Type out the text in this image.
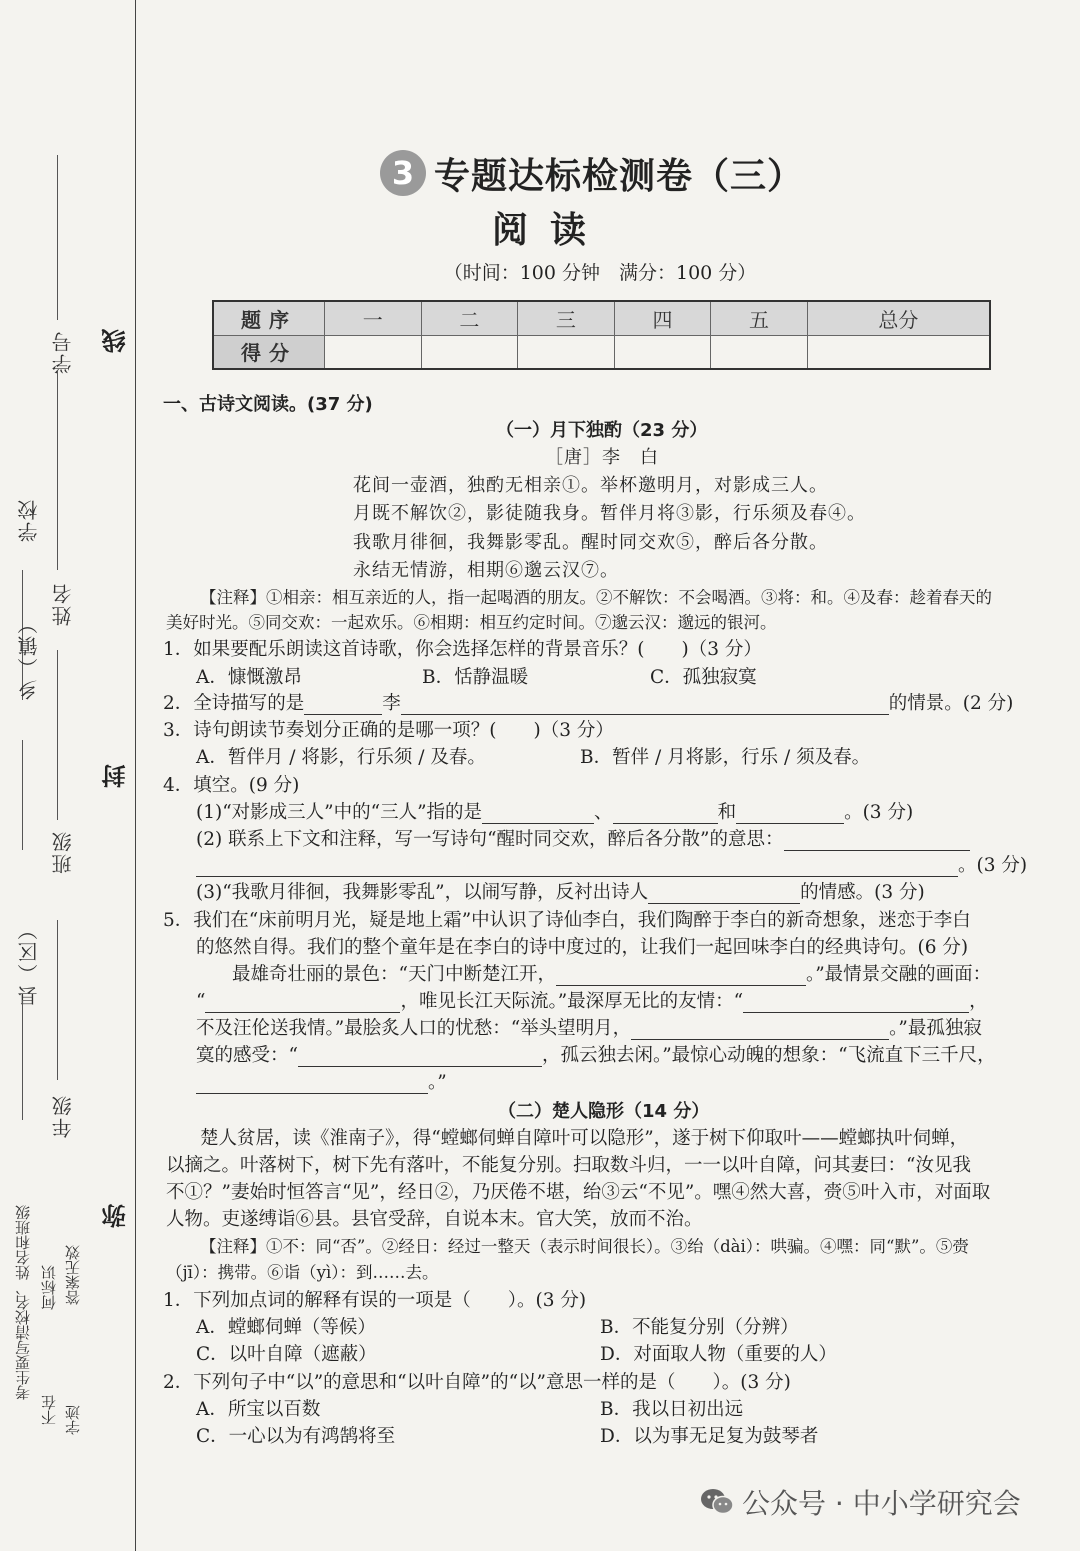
学号 线
学校
姓名
乡（镇）
封
班级
县（区）
年级
弥
考生要写清校名、姓名和班级
不在
何标识
字迹
答案无效
3 专题达标检测卷（三）
阅读
（时间：100 分钟　满分：100 分）
题序	一	二	三	四	五	总分
得分						
一、古诗文阅读。(37 分)
（一）月下独酌（23 分）
［唐］李　白
花间一壶酒，独酌无相亲①。举杯邀明月，对影成三人。
月既不解饮②，影徒随我身。暂伴月将③影，行乐须及春④。
我歌月徘徊，我舞影零乱。醒时同交欢⑤，醉后各分散。
永结无情游，相期⑥邈云汉⑦。
【注释】①相亲：相互亲近的人，指一起喝酒的朋友。②不解饮：不会喝酒。③将：和。④及春：趁着春天的
美好时光。⑤同交欢：一起欢乐。⑥相期：相互约定时间。⑦邈云汉：邈远的银河。
1．如果要配乐朗读这首诗歌，你会选择怎样的背景音乐？(　　)（3 分）
A．慷慨激昂	B．恬静温暖	C．孤独寂寞
2．全诗描写的是	李	的情景。(2 分)
3．诗句朗读节奏划分正确的是哪一项？(　　)（3 分）
A．暂伴月 / 将影，行乐须 / 及春。	B．暂伴 / 月将影，行乐 / 须及春。
4．填空。(9 分)
(1)“对影成三人”中的“三人”指的是	、	和	。(3 分)
(2) 联系上下文和注释，写一写诗句“醒时同交欢，醉后各分散”的意思：
。(3 分)
(3)“我歌月徘徊，我舞影零乱”，以闹写静，反衬出诗人	的情感。(3 分)
5．我们在“床前明月光，疑是地上霜”中认识了诗仙李白，我们陶醉于李白的新奇想象，迷恋于李白
的悠然自得。我们的整个童年是在李白的诗中度过的，让我们一起回味李白的经典诗句。(6 分)
最雄奇壮丽的景色：“天门中断楚江开，	。”最情景交融的画面：
“	，唯见长江天际流。”最深厚无比的友情：“	，
不及汪伦送我情。”最脍炙人口的忧愁：“举头望明月，	。”最孤独寂
寞的感受：“	，孤云独去闲。”最惊心动魄的想象：“飞流直下三千尺，
。”
（二）楚人隐形（14 分）
楚人贫居，读《淮南子》，得“螳螂伺蝉自障叶可以隐形”，遂于树下仰取叶——螳螂执叶伺蝉，
以摘之。叶落树下，树下先有落叶，不能复分别。扫取数斗归，一一以叶自障，问其妻曰：“汝见我
不①？”妻始时恒答言“见”，经日②，乃厌倦不堪，绐③云“不见”。嘿④然大喜，赍⑤叶入市，对面取
人物。吏遂缚诣⑥县。县官受辞，自说本末。官大笑，放而不治。
【注释】①不：同“否”。②经日：经过一整天（表示时间很长）。③绐（dài）：哄骗。④嘿：同“默”。⑤赍
（jī）：携带。⑥诣（yì）：到……去。
1．下列加点词的解释有误的一项是（　　）。(3 分)
A．螳螂伺蝉（等候）	B．不能复分别（分辨）
C．以叶自障（遮蔽）	D．对面取人物（重要的人）
2．下列句子中“以”的意思和“以叶自障”的“以”意思一样的是（　　）。(3 分)
A．所宝以百数	B．我以日初出远
C．一心以为有鸿鹄将至	D．以为事无足复为鼓琴者
公众号 · 中小学研究会
